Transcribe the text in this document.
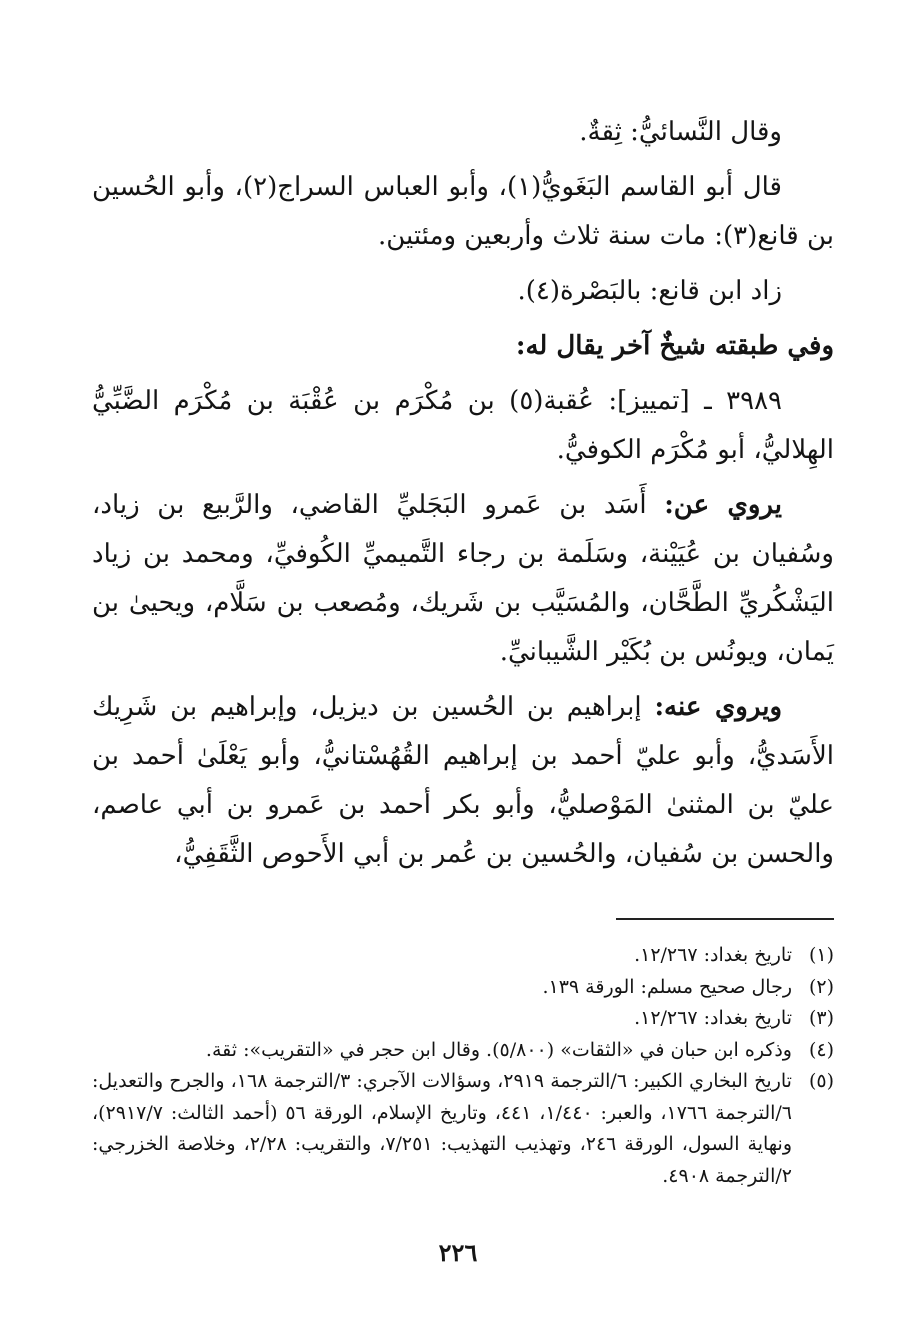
وقال النَّسائيُّ: ثِقةٌ.

قال أبو القاسم البَغَويُّ(١)، وأبو العباس السراج(٢)، وأبو الحُسين بن قانع(٣): مات سنة ثلاث وأربعين ومئتين.

زاد ابن قانع: بالبَصْرة(٤).

وفي طبقته شيخٌ آخر يقال له:

٣٩٨٩ ـ [تمييز]: عُقبة(٥) بن مُكْرَم بن عُقْبَة بن مُكْرَم الضَّبِّيُّ الهِلاليُّ، أبو مُكْرَم الكوفيُّ.

يروي عن: أَسَد بن عَمرو البَجَليِّ القاضي، والرَّبيع بن زياد، وسُفيان بن عُيَيْنة، وسَلَمة بن رجاء التَّميميِّ الكُوفيِّ، ومحمد بن زياد اليَشْكُريِّ الطَّحَّان، والمُسَيَّب بن شَريك، ومُصعب بن سَلَّام، ويحيىٰ بن يَمان، ويونُس بن بُكَيْر الشَّيبانيِّ.

ويروي عنه: إبراهيم بن الحُسين بن ديزيل، وإبراهيم بن شَرِيك الأَسَديُّ، وأبو عليّ أحمد بن إبراهيم القُهُسْتانيُّ، وأبو يَعْلَىٰ أحمد بن عليّ بن المثنىٰ المَوْصليُّ، وأبو بكر أحمد بن عَمرو بن أبي عاصم، والحسن بن سُفيان، والحُسين بن عُمر بن أبي الأَحوص الثَّقَفِيُّ،

(١)
تاريخ بغداد: ١٢/٢٦٧.
(٢)
رجال صحيح مسلم: الورقة ١٣٩.
(٣)
تاريخ بغداد: ١٢/٢٦٧.
(٤)
وذكره ابن حبان في «الثقات» (٥/٨٠٠). وقال ابن حجر في «التقريب»: ثقة.
(٥)
تاريخ البخاري الكبير: ٦/الترجمة ٢٩١٩، وسؤالات الآجري: ٣/الترجمة ١٦٨، والجرح والتعديل: ٦/الترجمة ١٧٦٦، والعبر: ١/٤٤٠، ٤٤١، وتاريخ الإسلام، الورقة ٥٦ (أحمد الثالث: ٢٩١٧/٧)، ونهاية السول، الورقة ٢٤٦، وتهذيب التهذيب: ٧/٢٥١، والتقريب: ٢/٢٨، وخلاصة الخزرجي: ٢/الترجمة ٤٩٠٨.
٢٢٦
